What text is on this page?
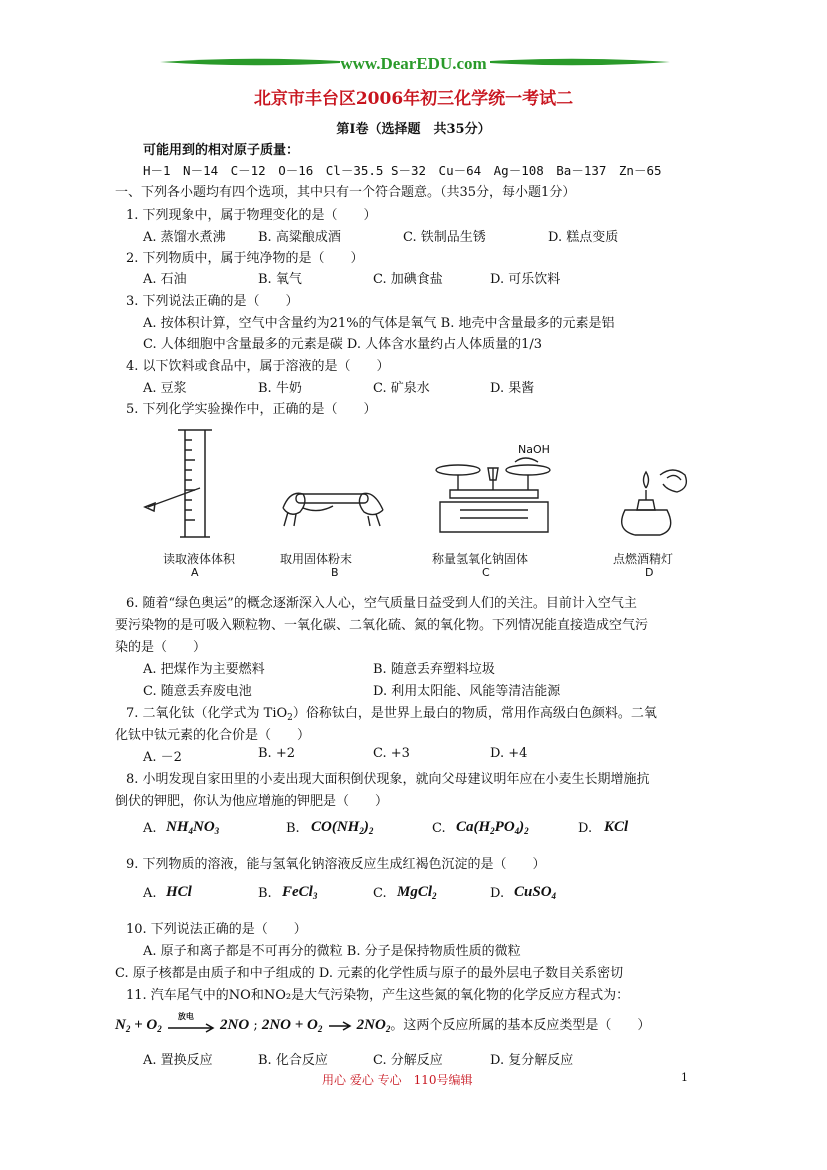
www.DearEDU.com
北京市丰台区2006年初三化学统一考试二
第Ⅰ卷（选择题　共35分）
可能用到的相对原子质量：
H－1　N－14　C－12　O－16　Cl－35.5 S－32　Cu－64　Ag－108　Ba－137　Zn－65
一、下列各小题均有四个选项，其中只有一个符合题意。（共35分，每小题1分）
1. 下列现象中，属于物理变化的是（　　）
A. 蒸馏水煮沸 B. 高粱酿成酒	C. 铁制品生锈	D. 糕点变质
2. 下列物质中，属于纯净物的是（　　）
A. 石油	B. 氧气	C. 加碘食盐	D. 可乐饮料
3. 下列说法正确的是（　　）
A. 按体积计算，空气中含量约为21%的气体是氧气 B. 地壳中含量最多的元素是铝
C. 人体细胞中含量最多的元素是碳 D. 人体含水量约占人体质量的1/3
4. 以下饮料或食品中，属于溶液的是（　　）
A. 豆浆	B. 牛奶	C. 矿泉水	D. 果酱
5. 下列化学实验操作中，正确的是（　　）
NaOH
读取液体体积	取用固体粉末	称量氢氧化钠固体	点燃酒精灯
A	B	C	D
6. 随着“绿色奥运”的概念逐渐深入人心，空气质量日益受到人们的关注。目前计入空气主
要污染物的是可吸入颗粒物、一氧化碳、二氧化硫、氮的氧化物。下列情况能直接造成空气污
染的是（　　）
A. 把煤作为主要燃料	B. 随意丢弃塑料垃圾
C. 随意丢弃废电池	D. 利用太阳能、风能等清洁能源
7. 二氧化钛（化学式为 TiO$_2$）俗称钛白，是世界上最白的物质，常用作高级白色颜料。二氧
化钛中钛元素的化合价是（　　）
A. －2	B. +2	C. +3	D. +4
8. 小明发现自家田里的小麦出现大面积倒伏现象，就向父母建议明年应在小麦生长期增施抗
倒伏的钾肥，你认为他应增施的钾肥是（　　）
A. $NH_4NO_3$	B. $CO(NH_2)_2$	C. $Ca(H_2PO_4)_2$	D. KCl
9. 下列物质的溶液，能与氢氧化钠溶液反应生成红褐色沉淀的是（　　）
A. HCl	B. FeCl$_3$	C. MgCl$_2$	D. CuSO$_4$
10. 下列说法正确的是（　　）
A. 原子和离子都是不可再分的微粒 B. 分子是保持物质性质的微粒
C. 原子核都是由质子和中子组成的 D. 元素的化学性质与原子的最外层电子数目关系密切
11. 汽车尾气中的NO和NO₂是大气污染物，产生这些氮的氧化物的化学反应方程式为：
$N_2 + O_2$
放电
2NO ; $2NO + O_2 \to 2NO_2$。这两个反应所属的基本反应类型是（　　）
A. 置换反应	B. 化合反应	C. 分解反应	D. 复分解反应
用心 爱心 专心　110号编辑	1
